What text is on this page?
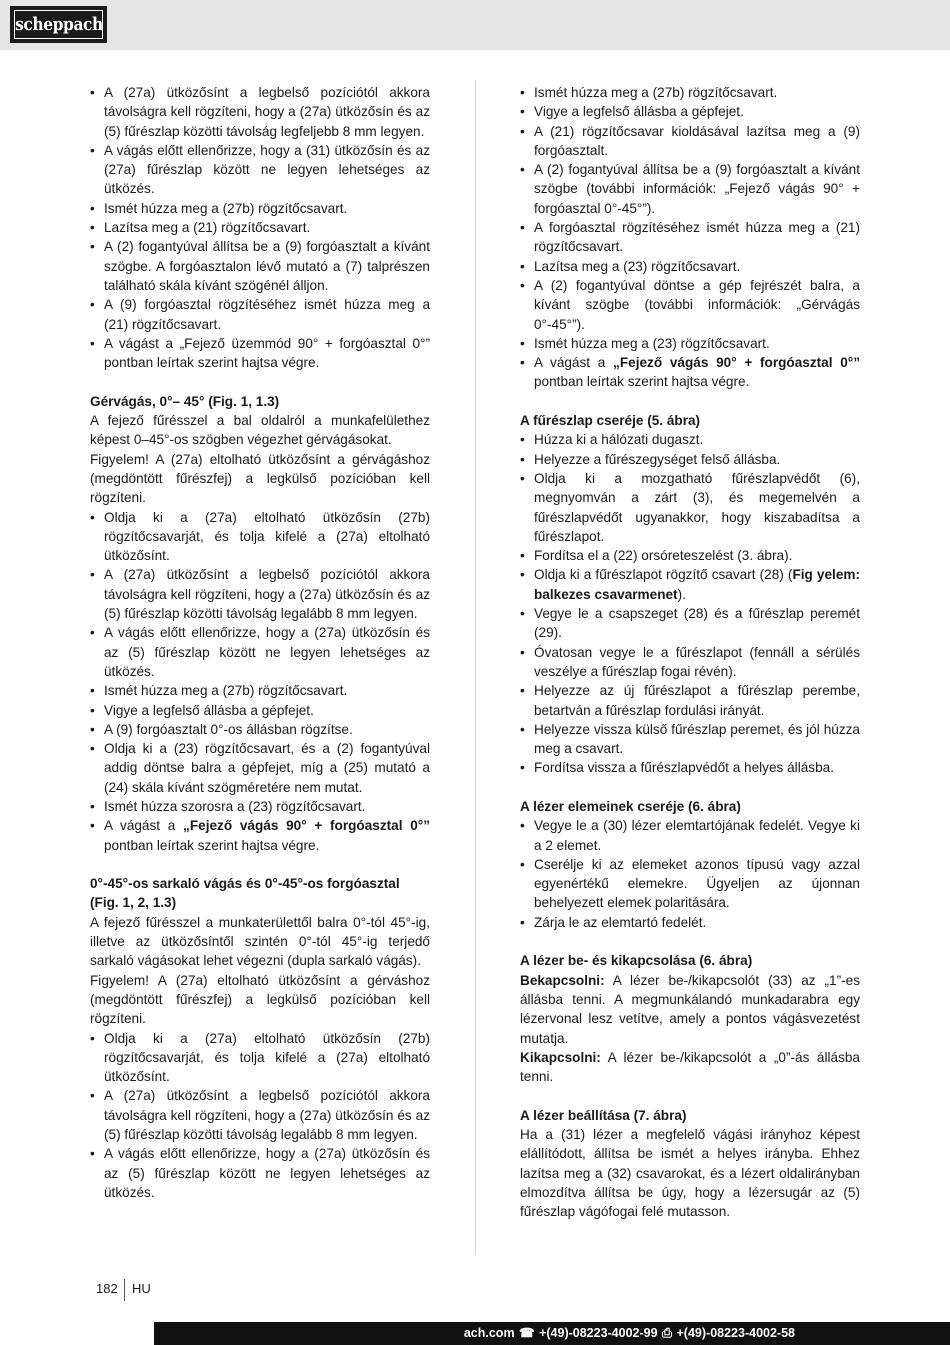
scheppach
• A (27a) ütközősínt a legbelső pozíciótól akkora távolságra kell rögzíteni, hogy a (27a) ütközősín és az (5) fűrészlap közötti távolság legfeljebb 8 mm legyen.
• A vágás előtt ellenőrizze, hogy a (31) ütközősín és az (27a) fűrészlap között ne legyen lehetséges az ütközés.
• Ismét húzza meg a (27b) rögzítőcsavart.
• Lazítsa meg a (21) rögzítőcsavart.
• A (2) fogantyúval állítsa be a (9) forgóasztalt a kívánt szögbe. A forgóasztalon lévő mutató a (7) talprészen található skála kívánt szögénél álljon.
• A (9) forgóasztal rögzítéséhez ismét húzza meg a (21) rögzítőcsavart.
• A vágást a „Fejező üzemmód 90° + forgóasztal 0°” pontban leírtak szerint hajtsa végre.

Gérvágás, 0°– 45° (Fig. 1, 1.3)

A fejező fűrésszel a bal oldalról a munkafelülethez képest 0–45°-os szögben végezhet gérvágásokat.

Figyelem! A (27a) eltolható ütközősínt a gérvágáshoz (megdöntött fűrészfej) a legkülső pozícióban kell rögzíteni.

• Oldja ki a (27a) eltolható ütközősín (27b) rögzítőcsavarját, és tolja kifelé a (27a) eltolható ütközősínt.
• A (27a) ütközősínt a legbelső pozíciótól akkora távolságra kell rögzíteni, hogy a (27a) ütközősín és az (5) fűrészlap közötti távolság legalább 8 mm legyen.
• A vágás előtt ellenőrizze, hogy a (27a) ütközősín és az (5) fűrészlap között ne legyen lehetséges az ütközés.
• Ismét húzza meg a (27b) rögzítőcsavart.
• Vigye a legfelső állásba a gépfejet.
• A (9) forgóasztalt 0°-os állásban rögzítse.
• Oldja ki a (23) rögzítőcsavart, és a (2) fogantyúval addig döntse balra a gépfejet, míg a (25) mutató a (24) skála kívánt szögméretére nem mutat.
• Ismét húzza szorosra a (23) rögzítőcsavart.
• A vágást a „Fejező vágás 90° + forgóasztal 0°” pontban leírtak szerint hajtsa végre.

0°-45°-os sarkaló vágás és 0°-45°-os forgóasztal (Fig. 1, 2, 1.3)

A fejező fűrésszel a munkaterülettől balra 0°-tól 45°-ig, illetve az ütközősíntől szintén 0°-tól 45°-ig terjedő sarkaló vágásokat lehet végezni (dupla sarkaló vágás).

Figyelem! A (27a) eltolható ütközősínt a gérváshoz (megdöntött fűrészfej) a legkülső pozícióban kell rögzíteni.

• Oldja ki a (27a) eltolható ütközősín (27b) rögzítőcsavarját, és tolja kifelé a (27a) eltolható ütközősínt.
• A (27a) ütközősínt a legbelső pozíciótól akkora távolságra kell rögzíteni, hogy a (27a) ütközősín és az (5) fűrészlap közötti távolság legalább 8 mm legyen.
• A vágás előtt ellenőrizze, hogy a (27a) ütközősín és az (5) fűrészlap között ne legyen lehetséges az ütközés.
• Ismét húzza meg a (27b) rögzítőcsavart.
• Vigye a legfelső állásba a gépfejet.
• A (21) rögzítőcsavar kioldásával lazítsa meg a (9) forgóasztalt.
• A (2) fogantyúval állítsa be a (9) forgóasztalt a kívánt szögbe (további információk: „Fejező vágás 90° + forgóasztal 0°-45°”).
• A forgóasztal rögzítéséhez ismét húzza meg a (21) rögzítőcsavart.
• Lazítsa meg a (23) rögzítőcsavart.
• A (2) fogantyúval döntse a gép fejrészét balra, a kívánt szögbe (további információk: „Gérvágás 0°-45°”).
• Ismét húzza meg a (23) rögzítőcsavart.
• A vágást a „Fejező vágás 90° + forgóasztal 0°” pontban leírtak szerint hajtsa végre.

A fűrészlap cseréje (5. ábra)

• Húzza ki a hálózati dugaszt.
• Helyezze a fűrészegységet felső állásba.
• Oldja ki a mozgatható fűrészlapvédőt (6), megnyomván a zárt (3), és megemelvén a fűrészlapvédőt ugyanakkor, hogy kiszabadítsa a fűrészlapot.
• Fordítsa el a (22) orsóreteszelést (3. ábra).
• Oldja ki a fűrészlapot rögzítő csavart (28) (Fig yelem: balkezes csavarmenet).
• Vegye le a csapszeget (28) és a fűrészlap peremét (29).
• Óvatosan vegye le a fűrészlapot (fennáll a sérülés veszélye a fűrészlap fogai révén).
• Helyezze az új fűrészlapot a fűrészlap perembe, betartván a fűrészlap fordulási irányát.
• Helyezze vissza külső fűrészlap peremet, és jól húzza meg a csavart.
• Fordítsa vissza a fűrészlapvédőt a helyes állásba.

A lézer elemeinek cseréje (6. ábra)

• Vegye le a (30) lézer elemtartójának fedelét. Vegye ki a 2 elemet.
• Cserélje ki az elemeket azonos típusú vagy azzal egyenértékű elemekre. Ügyeljen az újonnan behelyezett elemek polaritására.
• Zárja le az elemtartó fedelét.

A lézer be- és kikapcsolása (6. ábra)

Bekapcsolni: A lézer be-/kikapcsolót (33) az „1”-es állásba tenni. A megmunkálandó munkadarabra egy lézervonal lesz vetítve, amely a pontos vágásvezetést mutatja.

Kikapcsolni: A lézer be-/kikapcsolót a „0”-ás állásba tenni.

A lézer beállítása (7. ábra)

Ha a (31) lézer a megfelelő vágási irányhoz képest elállítódott, állítsa be ismét a helyes irányba. Ehhez lazítsa meg a (32) csavarokat, és a lézert oldalirányban elmozdítva állítsa be úgy, hogy a lézersugár az (5) fűrészlap vágófogai felé mutasson.

182 HU
ach.com ☎ +(49)-08223-4002-99 ⎙ +(49)-08223-4002-58
